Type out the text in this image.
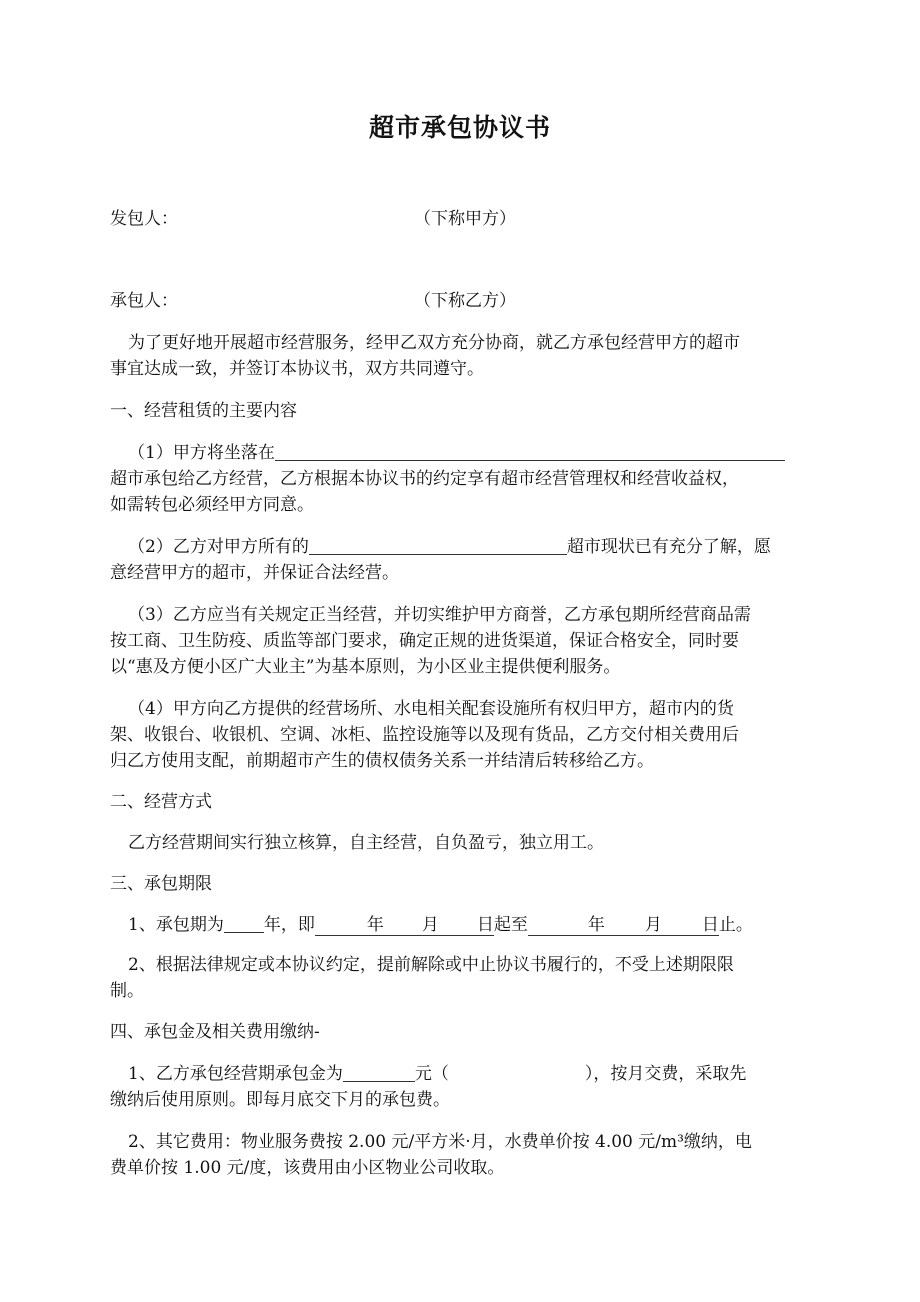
超市承包协议书
发包人：	（下称甲方）
承包人：	（下称乙方）
为了更好地开展超市经营服务，经甲乙双方充分协商，就乙方承包经营甲方的超市
事宜达成一致，并签订本协议书，双方共同遵守。
一、经营租赁的主要内容
（1）甲方将坐落在
超市承包给乙方经营，乙方根据本协议书的约定享有超市经营管理权和经营收益权，
如需转包必须经甲方同意。
（2）乙方对甲方所有的	超市现状已有充分了解，愿
意经营甲方的超市，并保证合法经营。
（3）乙方应当有关规定正当经营，并切实维护甲方商誉，乙方承包期所经营商品需
按工商、卫生防疫、质监等部门要求，确定正规的进货渠道，保证合格安全，同时要
以“惠及方便小区广大业主”为基本原则，为小区业主提供便利服务。
（4）甲方向乙方提供的经营场所、水电相关配套设施所有权归甲方，超市内的货
架、收银台、收银机、空调、冰柜、监控设施等以及现有货品，乙方交付相关费用后
归乙方使用支配，前期超市产生的债权债务关系一并结清后转移给乙方。
二、经营方式
乙方经营期间实行独立核算，自主经营，自负盈亏，独立用工。
三、承包期限
1、承包期为 年，即	年 月 日起至	年 月 日止。
2、根据法律规定或本协议约定，提前解除或中止协议书履行的，不受上述期限限
制。
四、承包金及相关费用缴纳-
1、乙方承包经营期承包金为	元（	），按月交费，采取先
缴纳后使用原则。即每月底交下月的承包费。
2、其它费用：物业服务费按 2.00 元/平方米·月，水费单价按 4.00 元/m³缴纳，电
费单价按 1.00 元/度，该费用由小区物业公司收取。
